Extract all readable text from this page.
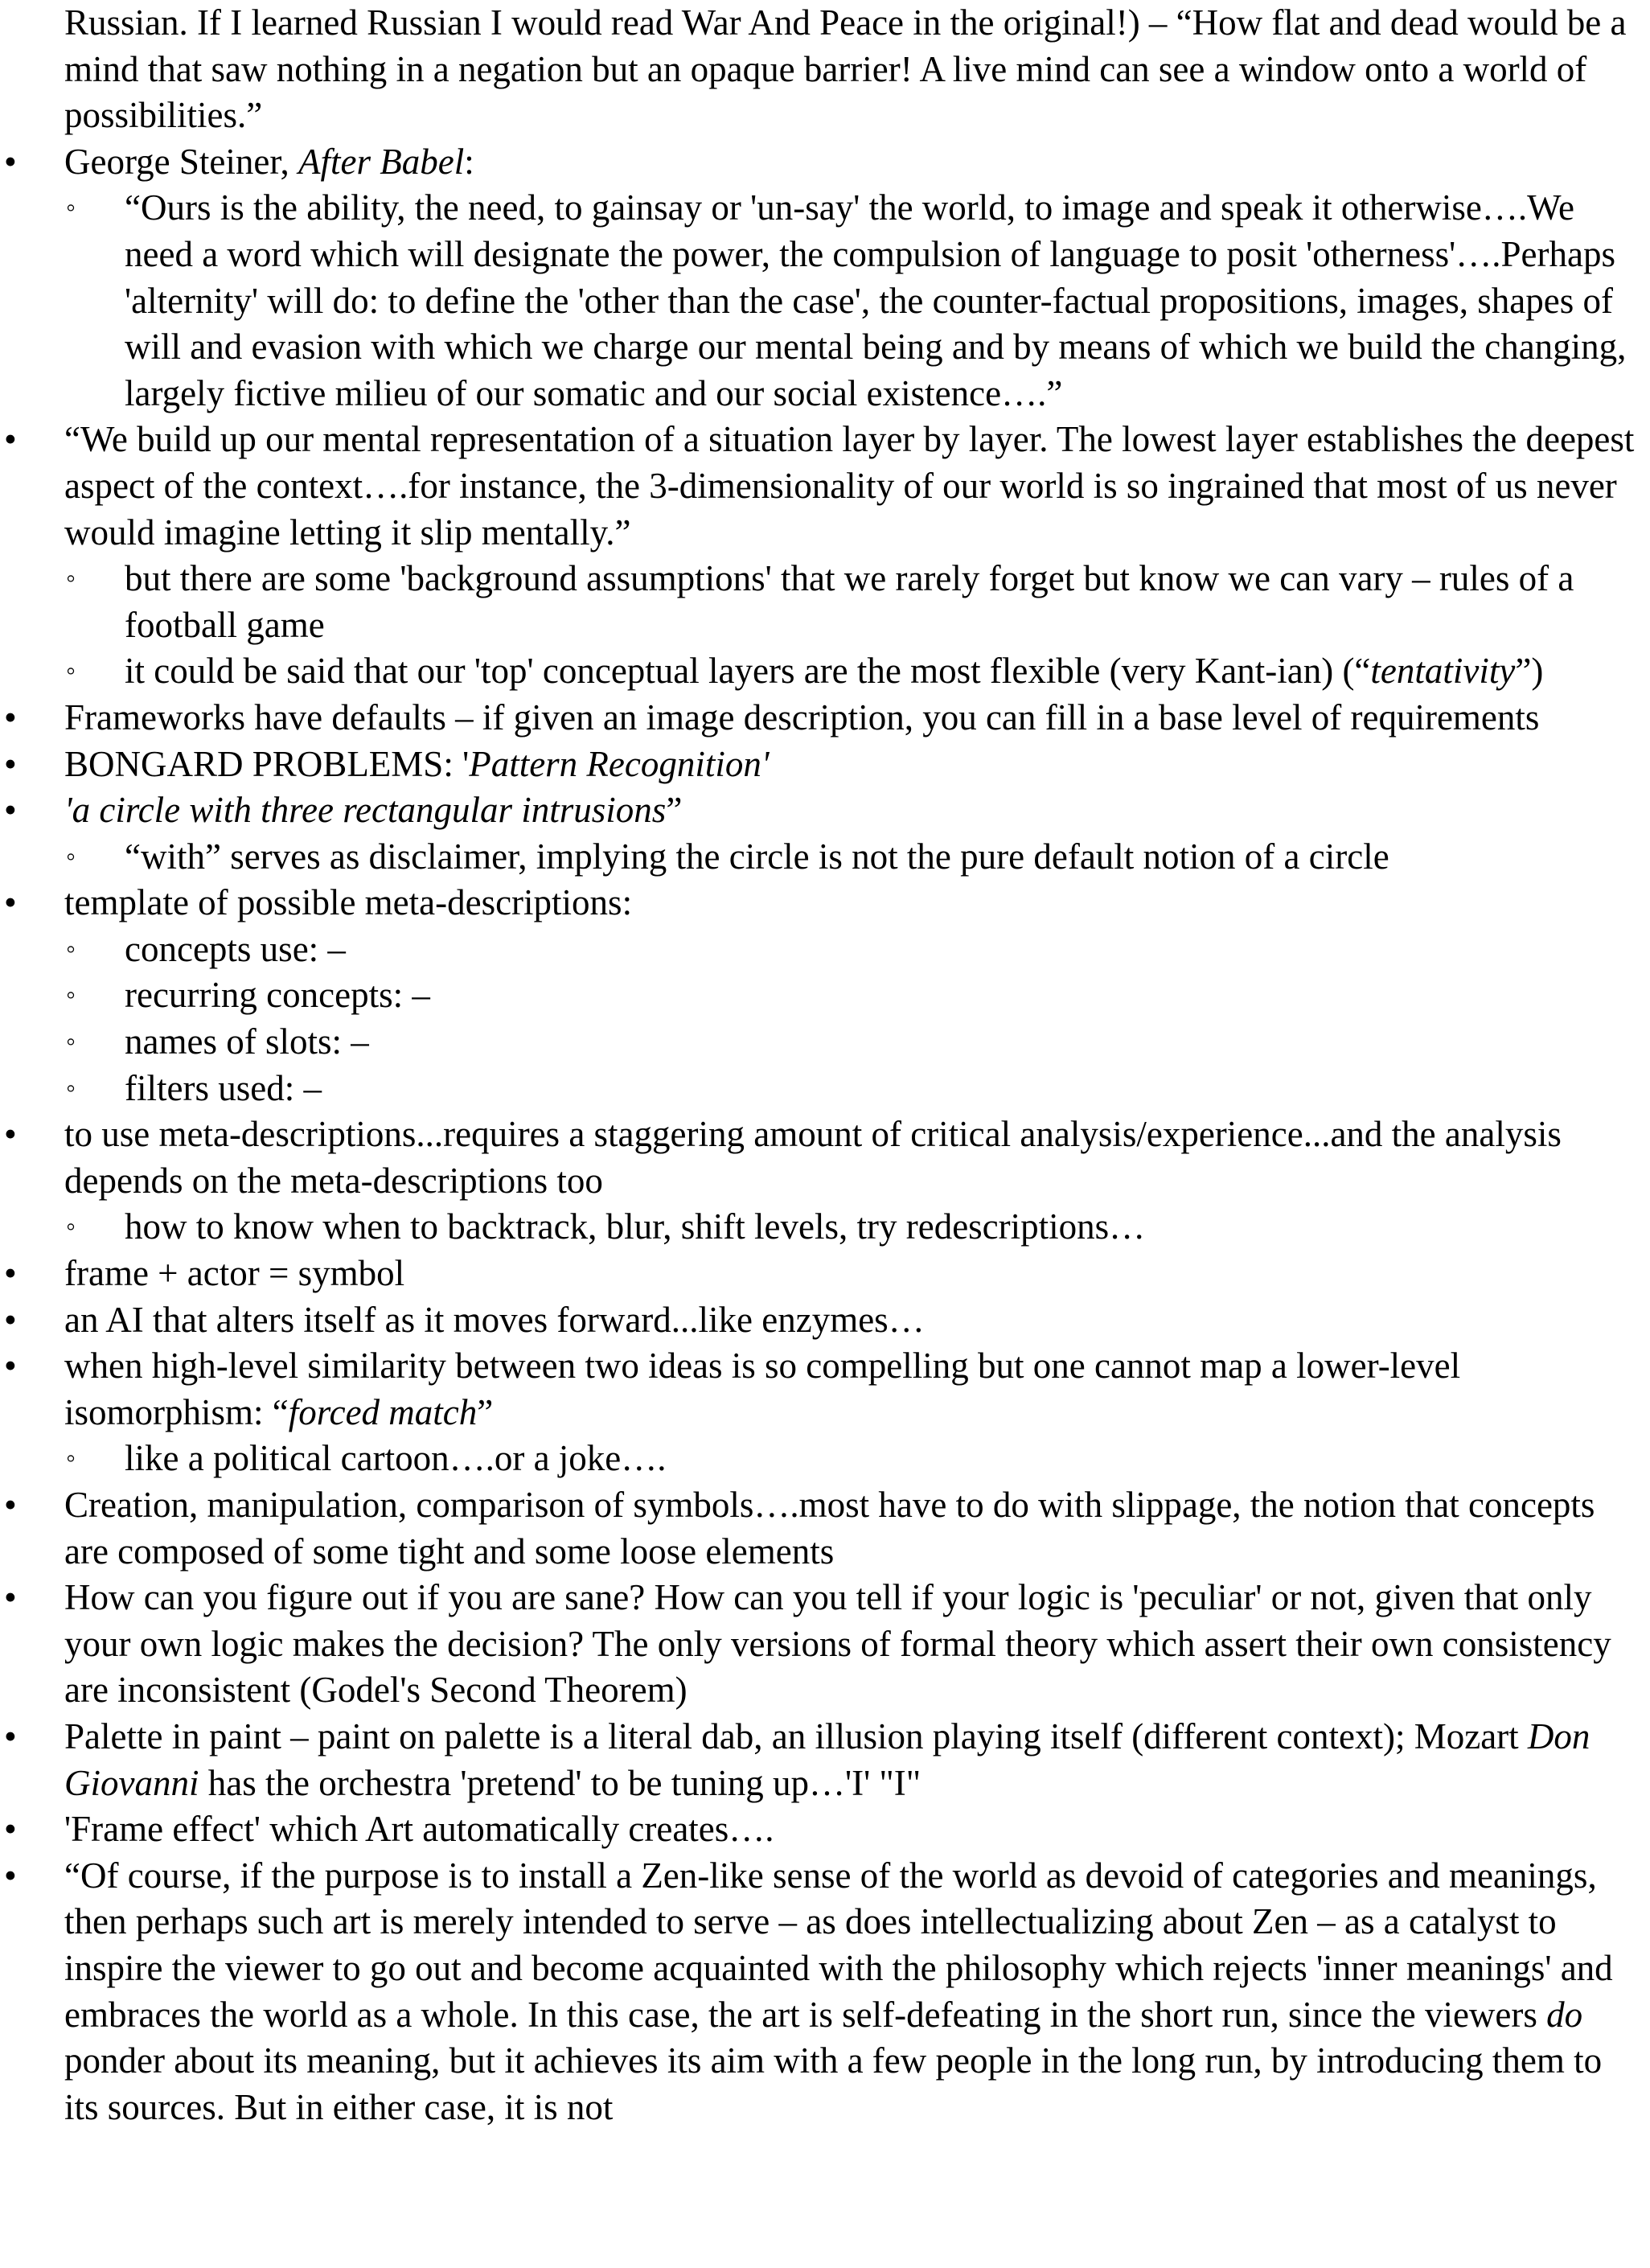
Russian. If I learned Russian I would read War And Peace in the original!) – “How flat and dead would be a mind that saw nothing in a negation but an opaque barrier! A live mind can see a window onto a world of possibilities.”
•	George Steiner, After Babel:
◦	“Ours is the ability, the need, to gainsay or 'un-say' the world, to image and speak it otherwise….We need a word which will designate the power, the compulsion of language to posit 'otherness'….Perhaps 'alternity' will do: to define the 'other than the case', the counter-factual propositions, images, shapes of will and evasion with which we charge our mental being and by means of which we build the changing, largely fictive milieu of our somatic and our social existence….”
•	“We build up our mental representation of a situation layer by layer. The lowest layer establishes the deepest aspect of the context….for instance, the 3-dimensionality of our world is so ingrained that most of us never would imagine letting it slip mentally.”
◦	but there are some 'background assumptions' that we rarely forget but know we can vary – rules of a football game
◦	it could be said that our 'top' conceptual layers are the most flexible (very Kant-ian) (“tentativity”)
•	Frameworks have defaults – if given an image description, you can fill in a base level of requirements
•	BONGARD PROBLEMS: 'Pattern Recognition'
•	'a circle with three rectangular intrusions”
◦	“with” serves as disclaimer, implying the circle is not the pure default notion of a circle
•	template of possible meta-descriptions:
◦	concepts use: –
◦	recurring concepts: –
◦	names of slots: –
◦	filters used: –
•	to use meta-descriptions...requires a staggering amount of critical analysis/experience...and the analysis depends on the meta-descriptions too
◦	how to know when to backtrack, blur, shift levels, try redescriptions…
•	frame + actor = symbol
•	an AI that alters itself as it moves forward...like enzymes…
•	when high-level similarity between two ideas is so compelling but one cannot map a lower-level isomorphism: “forced match”
◦	like a political cartoon….or a joke….
•	Creation, manipulation, comparison of symbols….most have to do with slippage, the notion that concepts are composed of some tight and some loose elements
•	How can you figure out if you are sane? How can you tell if your logic is 'peculiar' or not, given that only your own logic makes the decision? The only versions of formal theory which assert their own consistency are inconsistent (Godel's Second Theorem)
•	Palette in paint – paint on palette is a literal dab, an illusion playing itself (different context); Mozart Don Giovanni has the orchestra 'pretend' to be tuning up…'I' "I"
•	'Frame effect' which Art automatically creates….
•	“Of course, if the purpose is to install a Zen-like sense of the world as devoid of categories and meanings, then perhaps such art is merely intended to serve – as does intellectualizing about Zen – as a catalyst to inspire the viewer to go out and become acquainted with the philosophy which rejects 'inner meanings' and embraces the world as a whole. In this case, the art is self-defeating in the short run, since the viewers do ponder about its meaning, but it achieves its aim with a few people in the long run, by introducing them to its sources. But in either case, it is not
